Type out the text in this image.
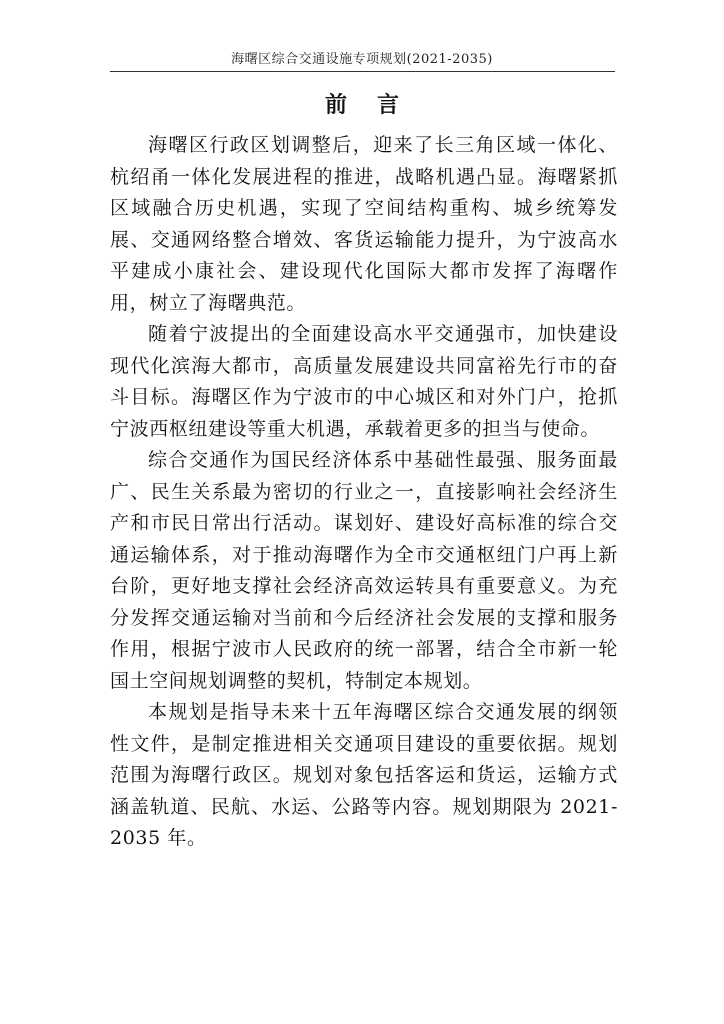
海曙区综合交通设施专项规划(2021-2035)
前言

海曙区行政区划调整后，迎来了长三角区域一体化、杭绍甬一体化发展进程的推进，战略机遇凸显。海曙紧抓区域融合历史机遇，实现了空间结构重构、城乡统筹发展、交通网络整合增效、客货运输能力提升，为宁波高水平建成小康社会、建设现代化国际大都市发挥了海曙作用，树立了海曙典范。

随着宁波提出的全面建设高水平交通强市，加快建设现代化滨海大都市，高质量发展建设共同富裕先行市的奋斗目标。海曙区作为宁波市的中心城区和对外门户，抢抓宁波西枢纽建设等重大机遇，承载着更多的担当与使命。

综合交通作为国民经济体系中基础性最强、服务面最广、民生关系最为密切的行业之一，直接影响社会经济生产和市民日常出行活动。谋划好、建设好高标准的综合交通运输体系，对于推动海曙作为全市交通枢纽门户再上新台阶，更好地支撑社会经济高效运转具有重要意义。为充分发挥交通运输对当前和今后经济社会发展的支撑和服务作用，根据宁波市人民政府的统一部署，结合全市新一轮国土空间规划调整的契机，特制定本规划。

本规划是指导未来十五年海曙区综合交通发展的纲领性文件，是制定推进相关交通项目建设的重要依据。规划范围为海曙行政区。规划对象包括客运和货运，运输方式涵盖轨道、民航、水运、公路等内容。规划期限为 2021-2035 年。
